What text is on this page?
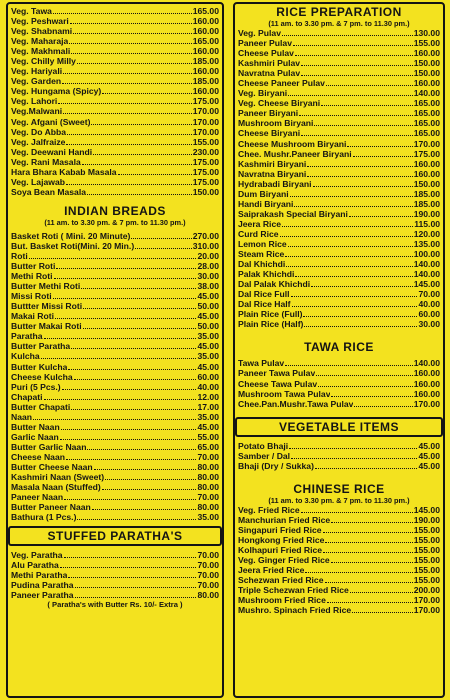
Veg. Tawa	165.00
Veg. Peshwari	160.00
Veg. Shabnami	160.00
Veg. Maharaja	165.00
Veg. Makhmali	160.00
Veg. Chilly Milly	185.00
Veg. Hariyali	160.00
Veg. Garden	185.00
Veg. Hungama (Spicy)	160.00
Veg. Lahori	175.00
Veg.Malwani	170.00
Veg. Afgani (Sweet)	170.00
Veg. Do Abba	170.00
Veg. Jalfraize	155.00
Veg. Deewani Handi	230.00
Veg. Rani Masala	175.00
Hara Bhara Kabab Masala	175.00
Veg. Lajawab	175.00
Soya Bean Masala	150.00
INDIAN BREADS
(11 am. to 3.30 pm. & 7 pm. to 11.30 pm.)
Basket Roti ( Mini. 20 Minute)	270.00
But. Basket Roti(Mini. 20 Min.)	310.00
Roti	20.00
Butter Roti	28.00
Methi Roti	30.00
Butter Methi Roti	38.00
Missi Roti	45.00
Buttter Missi Roti	50.00
Makai Roti	45.00
Butter Makai Roti	50.00
Paratha	35.00
Butter Paratha	45.00
Kulcha	35.00
Butter Kulcha	45.00
Cheese Kulcha	60.00
Puri (5 Pcs.)	40.00
Chapati	12.00
Butter Chapati	17.00
Naan	35.00
Butter Naan	45.00
Garlic Naan	55.00
Butter Garlic Naan	65.00
Cheese Naan	70.00
Butter Cheese Naan	80.00
Kashmiri Naan (Sweet)	80.00
Masala Naan (Stuffed)	80.00
Paneer Naan	70.00
Butter Paneer Naan	80.00
Bathura (1 Pcs.)	35.00
STUFFED PARATHA'S
Veg. Paratha	70.00
Alu Paratha	70.00
Methi Paratha	70.00
Pudina Paratha	70.00
Paneer Paratha	80.00
( Paratha's with Butter Rs. 10/- Extra )
RICE PREPARATION
(11 am. to 3.30 pm. & 7 pm. to 11.30 pm.)
Veg. Pulav	130.00
Paneer Pulav	155.00
Cheese Pulav	160.00
Kashmiri Pulav	150.00
Navratna Pulav	150.00
Cheese Paneer Pulav	160.00
Veg. Biryani	140.00
Veg. Cheese Biryani	165.00
Paneer Biryani	165.00
Mushroom Biryani	165.00
Cheese Biryani	165.00
Cheese Mushroom Biryani	170.00
Chee. Mushr.Paneer Biryani	175.00
Kashmiri Biryani	160.00
Navratna Biryani	160.00
Hydrabadi Biryani	150.00
Dum Biryani	185.00
Handi Biryani	185.00
Saiprakash Special Biryani	190.00
Jeera Rice	115.00
Curd Rice	120.00
Lemon Rice	135.00
Steam Rice	100.00
Dal Khichdi	140.00
Palak Khichdi	140.00
Dal Palak Khichdi	145.00
Dal Rice Full	70.00
Dal Rice Half	40.00
Plain Rice (Full)	60.00
Plain Rice (Half)	30.00
TAWA RICE
Tawa Pulav	140.00
Paneer Tawa Pulav	160.00
Cheese Tawa Pulav	160.00
Mushroom Tawa Pulav	160.00
Chee.Pan.Mushr.Tawa Pulav	170.00
VEGETABLE ITEMS
Potato Bhaji	45.00
Samber / Dal	45.00
Bhaji (Dry / Sukka)	45.00
CHINESE RICE
(11 am. to 3.30 pm. & 7 pm. to 11.30 pm.)
Veg. Fried Rice	145.00
Manchurian Fried Rice	190.00
Singapuri Fried Rice	155.00
Hongkong Fried Rice	155.00
Kolhapuri Fried Rice	155.00
Veg. Ginger Fried Rice	155.00
Jeera Fried Rice	155.00
Schezwan Fried Rice	155.00
Triple Schezwan Fried Rice	200.00
Mushroom Fried Rice	170.00
Mushro. Spinach Fried Rice	170.00
